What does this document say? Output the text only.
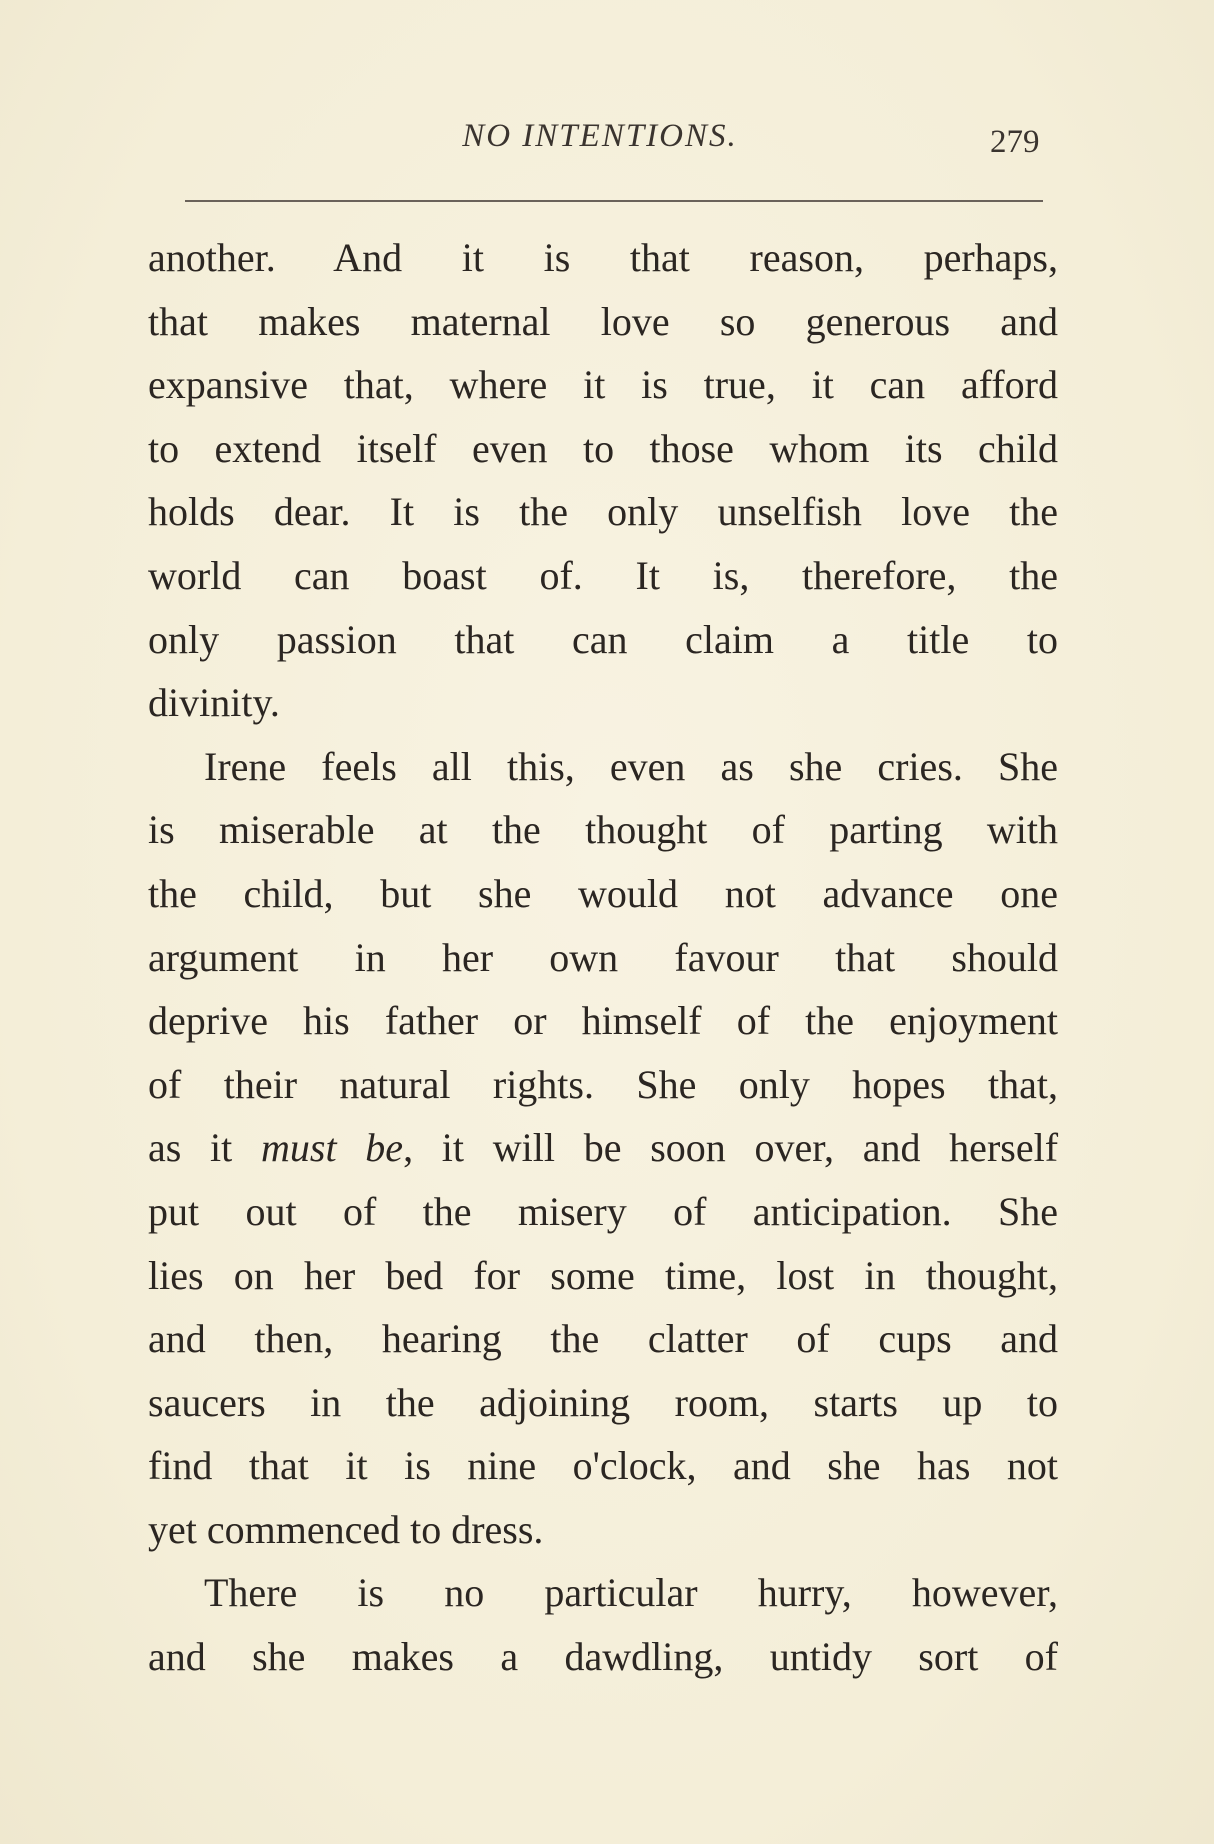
NO INTENTIONS.	279

another. And it is that reason, perhaps,
that makes maternal love so generous and
expansive that, where it is true, it can afford
to extend itself even to those whom its child
holds dear. It is the only unselfish love the
world can boast of. It is, therefore, the
only passion that can claim a title to
divinity.

Irene feels all this, even as she cries. She
is miserable at the thought of parting with
the child, but she would not advance one
argument in her own favour that should
deprive his father or himself of the enjoyment
of their natural rights. She only hopes that,
as it must be, it will be soon over, and herself
put out of the misery of anticipation. She
lies on her bed for some time, lost in thought,
and then, hearing the clatter of cups and
saucers in the adjoining room, starts up to
find that it is nine o'clock, and she has not
yet commenced to dress.

There is no particular hurry, however,
and she makes a dawdling, untidy sort of
